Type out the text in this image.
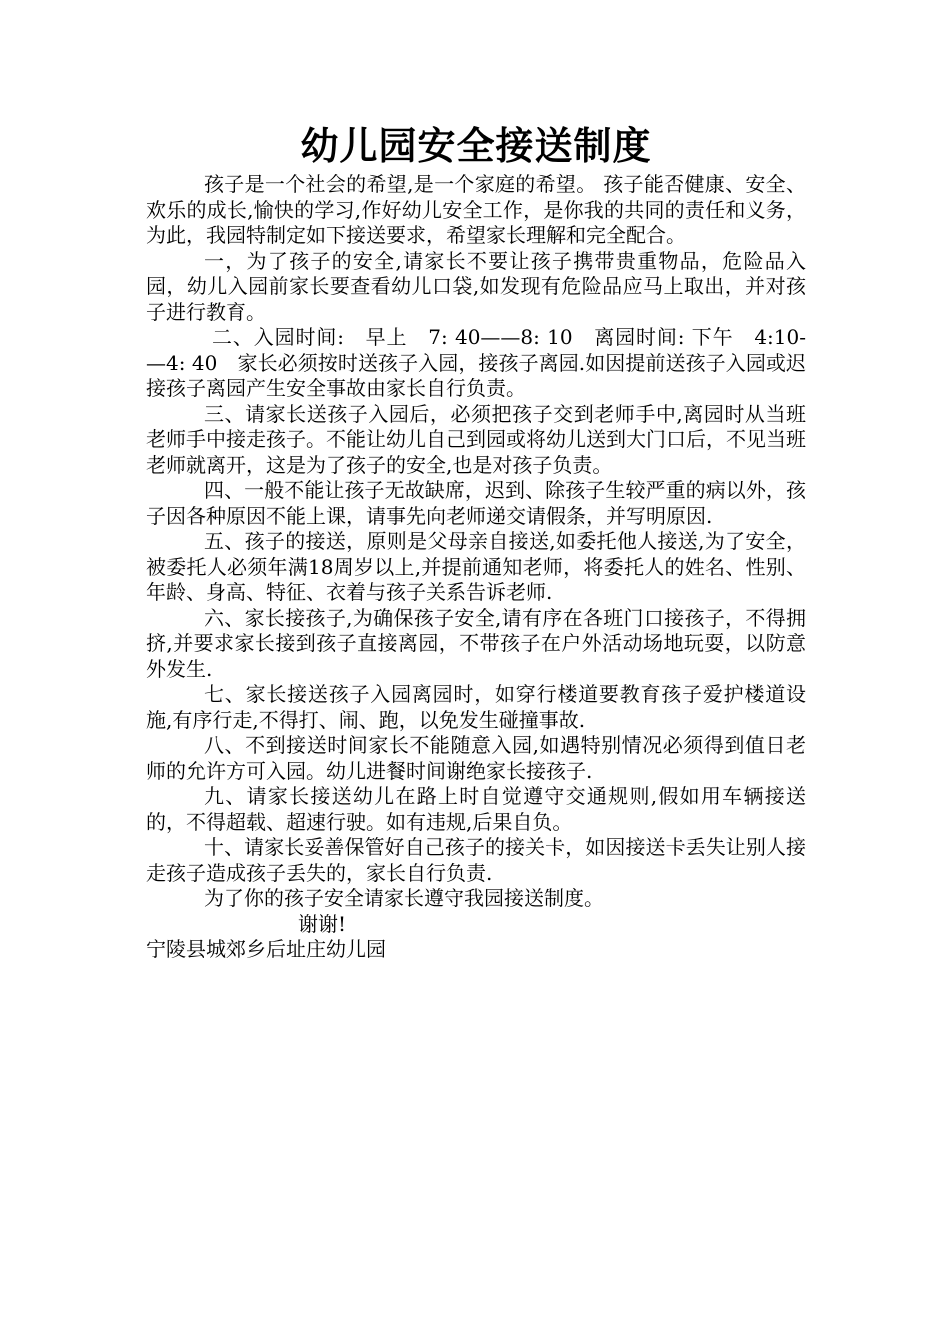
幼儿园安全接送制度

孩子是一个社会的希望,是一个家庭的希望。 孩子能否健康、安全、欢乐的成长,愉快的学习,作好幼儿安全工作，是你我的共同的责任和义务，为此，我园特制定如下接送要求，希望家长理解和完全配合。

一，为了孩子的安全,请家长不要让孩子携带贵重物品，危险品入园，幼儿入园前家长要查看幼儿口袋,如发现有危险品应马上取出，并对孩子进行教育。

二、入园时间:　早上　7: 40——8: 10　离园时间: 下午　4:10-—4: 40　家长必须按时送孩子入园，接孩子离园.如因提前送孩子入园或迟接孩子离园产生安全事故由家长自行负责。

三、请家长送孩子入园后，必须把孩子交到老师手中,离园时从当班老师手中接走孩子。不能让幼儿自己到园或将幼儿送到大门口后，不见当班老师就离开，这是为了孩子的安全,也是对孩子负责。

四、一般不能让孩子无故缺席，迟到、除孩子生较严重的病以外，孩子因各种原因不能上课，请事先向老师递交请假条，并写明原因.

五、孩子的接送，原则是父母亲自接送,如委托他人接送,为了安全，被委托人必须年满18周岁以上,并提前通知老师，将委托人的姓名、性别、年龄、身高、特征、衣着与孩子关系告诉老师.

六、家长接孩子,为确保孩子安全,请有序在各班门口接孩子，不得拥挤,并要求家长接到孩子直接离园，不带孩子在户外活动场地玩耍，以防意外发生.

七、家长接送孩子入园离园时，如穿行楼道要教育孩子爱护楼道设施,有序行走,不得打、闹、跑，以免发生碰撞事故.

八、不到接送时间家长不能随意入园,如遇特别情况必须得到值日老师的允许方可入园。幼儿进餐时间谢绝家长接孩子.

九、请家长接送幼儿在路上时自觉遵守交通规则,假如用车辆接送的，不得超载、超速行驶。如有违规,后果自负。

十、请家长妥善保管好自己孩子的接关卡，如因接送卡丢失让别人接走孩子造成孩子丢失的，家长自行负责.

为了你的孩子安全请家长遵守我园接送制度。

谢谢!

宁陵县城郊乡后址庄幼儿园
